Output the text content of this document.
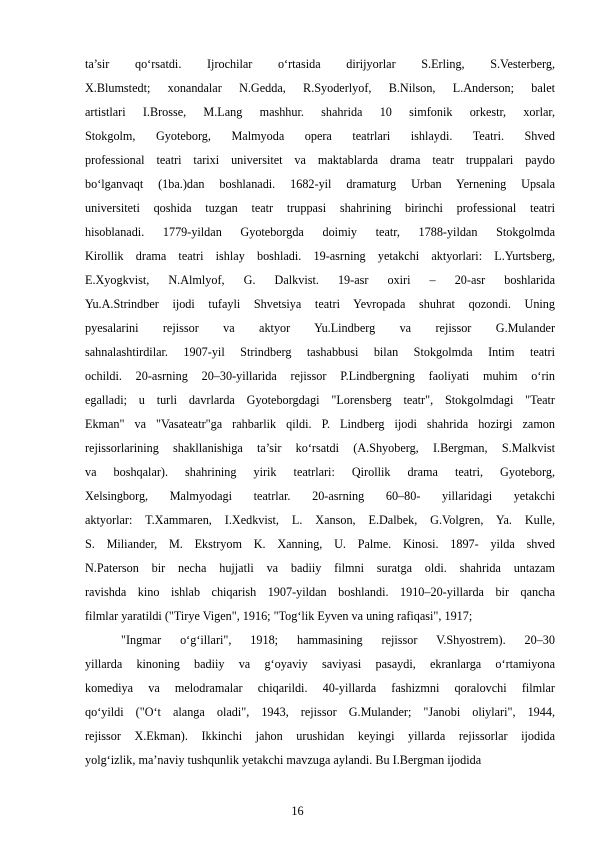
ta’sir qo‘rsatdi. Ijrochilar o‘rtasida dirijyorlar S.Erling, S.Vesterberg,
X.Blumstedt; xonandalar N.Gedda, R.Syoderlyof, B.Nilson, L.Anderson; balet
artistlari I.Brosse, M.Lang mashhur. shahrida 10 simfonik orkestr, xorlar,
Stokgolm, Gyoteborg, Malmyoda opera teatrlari ishlaydi. Teatri. Shved
professional teatri tarixi universitet va maktablarda drama teatr truppalari paydo
bo‘lganvaqt (1ba.)dan boshlanadi. 1682-yil dramaturg Urban Yernening Upsala
universiteti qoshida tuzgan teatr truppasi shahrining birinchi professional teatri
hisoblanadi. 1779-yildan Gyoteborgda doimiy teatr, 1788-yildan Stokgolmda
Kirollik drama teatri ishlay boshladi. 19-asrning yetakchi aktyorlari: L.Yurtsberg,
E.Xyogkvist, N.Almlyof, G. Dalkvist. 19-asr oxiri – 20-asr boshlarida
Yu.A.Strindber ijodi tufayli Shvetsiya teatri Yevropada shuhrat qozondi. Uning
pyesalarini rejissor va aktyor Yu.Lindberg va rejissor G.Mulander
sahnalashtirdilar. 1907-yil Strindberg tashabbusi bilan Stokgolmda Intim teatri
ochildi. 20-asrning 20–30-yillarida rejissor P.Lindbergning faoliyati muhim o‘rin
egalladi; u turli davrlarda Gyoteborgdagi "Lorensberg teatr", Stokgolmdagi "Teatr
Ekman" va "Vasateatr"ga rahbarlik qildi. P. Lindberg ijodi shahrida hozirgi zamon
rejissorlarining shakllanishiga ta’sir ko‘rsatdi (A.Shyoberg, I.Bergman, S.Malkvist
va boshqalar). shahrining yirik teatrlari: Qirollik drama teatri, Gyoteborg,
Xelsingborg, Malmyodagi teatrlar. 20-asrning 60–80- yillaridagi yetakchi
aktyorlar: T.Xammaren, I.Xedkvist, L. Xanson, E.Dalbek, G.Volgren, Ya. Kulle,
S. Miliander, M. Ekstryom K. Xanning, U. Palme. Kinosi. 1897- yilda shved
N.Paterson bir necha hujjatli va badiiy filmni suratga oldi. shahrida untazam
ravishda kino ishlab chiqarish 1907-yildan boshlandi. 1910–20-yillarda bir qancha
filmlar yaratildi ("Tirye Vigen", 1916; "Tog‘lik Eyven va uning rafiqasi", 1917;
"Ingmar o‘g‘illari", 1918; hammasining rejissor V.Shyostrem). 20–30
yillarda kinoning badiiy va g‘oyaviy saviyasi pasaydi, ekranlarga o‘rtamiyona
komediya va melodramalar chiqarildi. 40-yillarda fashizmni qoralovchi filmlar
qo‘yildi ("O‘t alanga oladi", 1943, rejissor G.Mulander; "Janobi oliylari", 1944,
rejissor X.Ekman). Ikkinchi jahon urushidan keyingi yillarda rejissorlar ijodida
yolg‘izlik, ma’naviy tushqunlik yetakchi mavzuga aylandi. Bu I.Bergman ijodida
16
